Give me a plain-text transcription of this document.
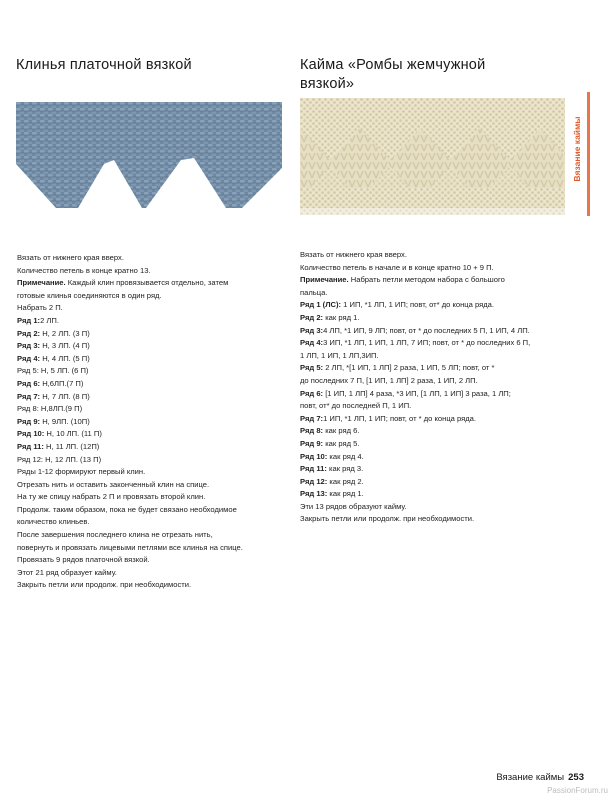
Клинья платочной вязкой	Кайма «Ромбы жемчужной вязкой»
Вязание каймы

Вязать от нижнего края вверх.

Количество петель в конце кратно 13.

Примечание. Каждый клин провязывается отдельно, затем

готовые клинья соединяются в один ряд.

Набрать 2 П.

Ряд 1:2 ЛП.

Ряд 2: Н, 2 ЛП. (3 П)

Ряд 3: Н, 3 ЛП. (4 П)

Ряд 4: Н, 4 ЛП. (5 П)

Ряд 5: Н, 5 ЛП. (6 П)

Ряд 6: Н,6ЛП.(7 П)

Ряд 7: Н, 7 ЛП. (8 П)

Ряд 8: Н,8ЛП.(9 П)

Ряд 9: Н, 9ЛП. (10П)

Ряд 10: Н, 10 ЛП. (11 П)

Ряд 11: Н, 11 ЛП. (12П)

Ряд 12: Н, 12 ЛП. (13 П)

Ряды 1-12 формируют первый клин.

Отрезать нить и оставить законченный клин на спице.

На ту же спицу набрать 2 П и провязать второй клин.

Продолж. таким образом, пока не будет связано необходимое

количество клиньев.

После завершения последнего клина не отрезать нить,

повернуть и провязать лицевыми петлями все клинья на спице.

Провязать 9 рядов платочной вязкой.

Этот 21 ряд образует кайму.

Закрыть петли или продолж. при необходимости.

Вязать от нижнего края вверх.

Количество петель в начале и в конце кратно 10 + 9 П.

Примечание. Набрать петли методом набора с большого

пальца.

Ряд 1 (ЛС): 1 ИП, *1 ЛП, 1 ИП; повт, от* до конца ряда.

Ряд 2: как ряд 1.

Ряд 3:4 ЛП, *1 ИП, 9 ЛП; повт, от * до последних 5 П, 1 ИП, 4 ЛП.

Ряд 4:3 ИП, *1 ЛП, 1 ИП, 1 ЛП, 7 ИП; повт, от * до последних 6 П,

1 ЛП, 1 ИП, 1 ЛП,3ИП.

Ряд 5: 2 ЛП, *[1 ИП, 1 ЛП] 2 раза, 1 ИП, 5 ЛП; повт, от *

до последних 7 П, [1 ИП, 1 ЛП] 2 раза, 1 ИП, 2 ЛП.

Ряд 6: [1 ИП, 1 ЛП] 4 раза, *3 ИП, [1 ЛП, 1 ИП] 3 раза, 1 ЛП;

повт, от* до последней П, 1 ИП.

Ряд 7:1 ИП, *1 ЛП, 1 ИП; повт, от * до конца ряда.

Ряд 8: как ряд 6.

Ряд 9: как ряд 5.

Ряд 10: как ряд 4.

Ряд 11: как ряд 3.

Ряд 12: как ряд 2.

Ряд 13: как ряд 1.

Эти 13 рядов образуют кайму.

Закрыть петли или продолж. при необходимости.

Вязание каймы 253
PassionForum.ru
